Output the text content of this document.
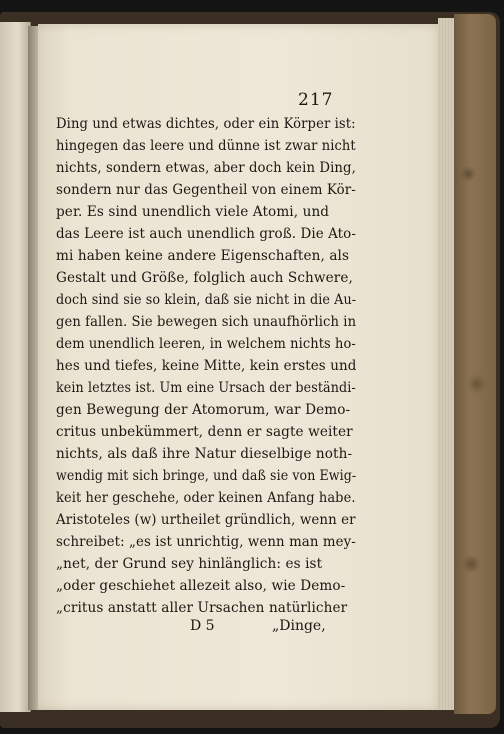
217
Ding und etwas dichtes, oder ein Körper ist:
hingegen das leere und dünne ist zwar nicht
nichts, sondern etwas, aber doch kein Ding,
sondern nur das Gegentheil von einem Kör-
per. Es sind unendlich viele Atomi, und
das Leere ist auch unendlich groß. Die Ato-
mi haben keine andere Eigenschaften, als
Gestalt und Größe, folglich auch Schwere,
doch sind sie so klein, daß sie nicht in die Au-
gen fallen. Sie bewegen sich unaufhörlich in
dem unendlich leeren, in welchem nichts ho-
hes und tiefes, keine Mitte, kein erstes und
kein letztes ist. Um eine Ursach der beständi-
gen Bewegung der Atomorum, war Demo-
critus unbekümmert, denn er sagte weiter
nichts, als daß ihre Natur dieselbige noth-
wendig mit sich bringe, und daß sie von Ewig-
keit her geschehe, oder keinen Anfang habe.
Aristoteles (w) urtheilet gründlich, wenn er
schreibet: „es ist unrichtig, wenn man mey-
„net, der Grund sey hinlänglich: es ist
„oder geschiehet allezeit also, wie Demo-
„critus anstatt aller Ursachen natürlicher
D 5	„Dinge,
